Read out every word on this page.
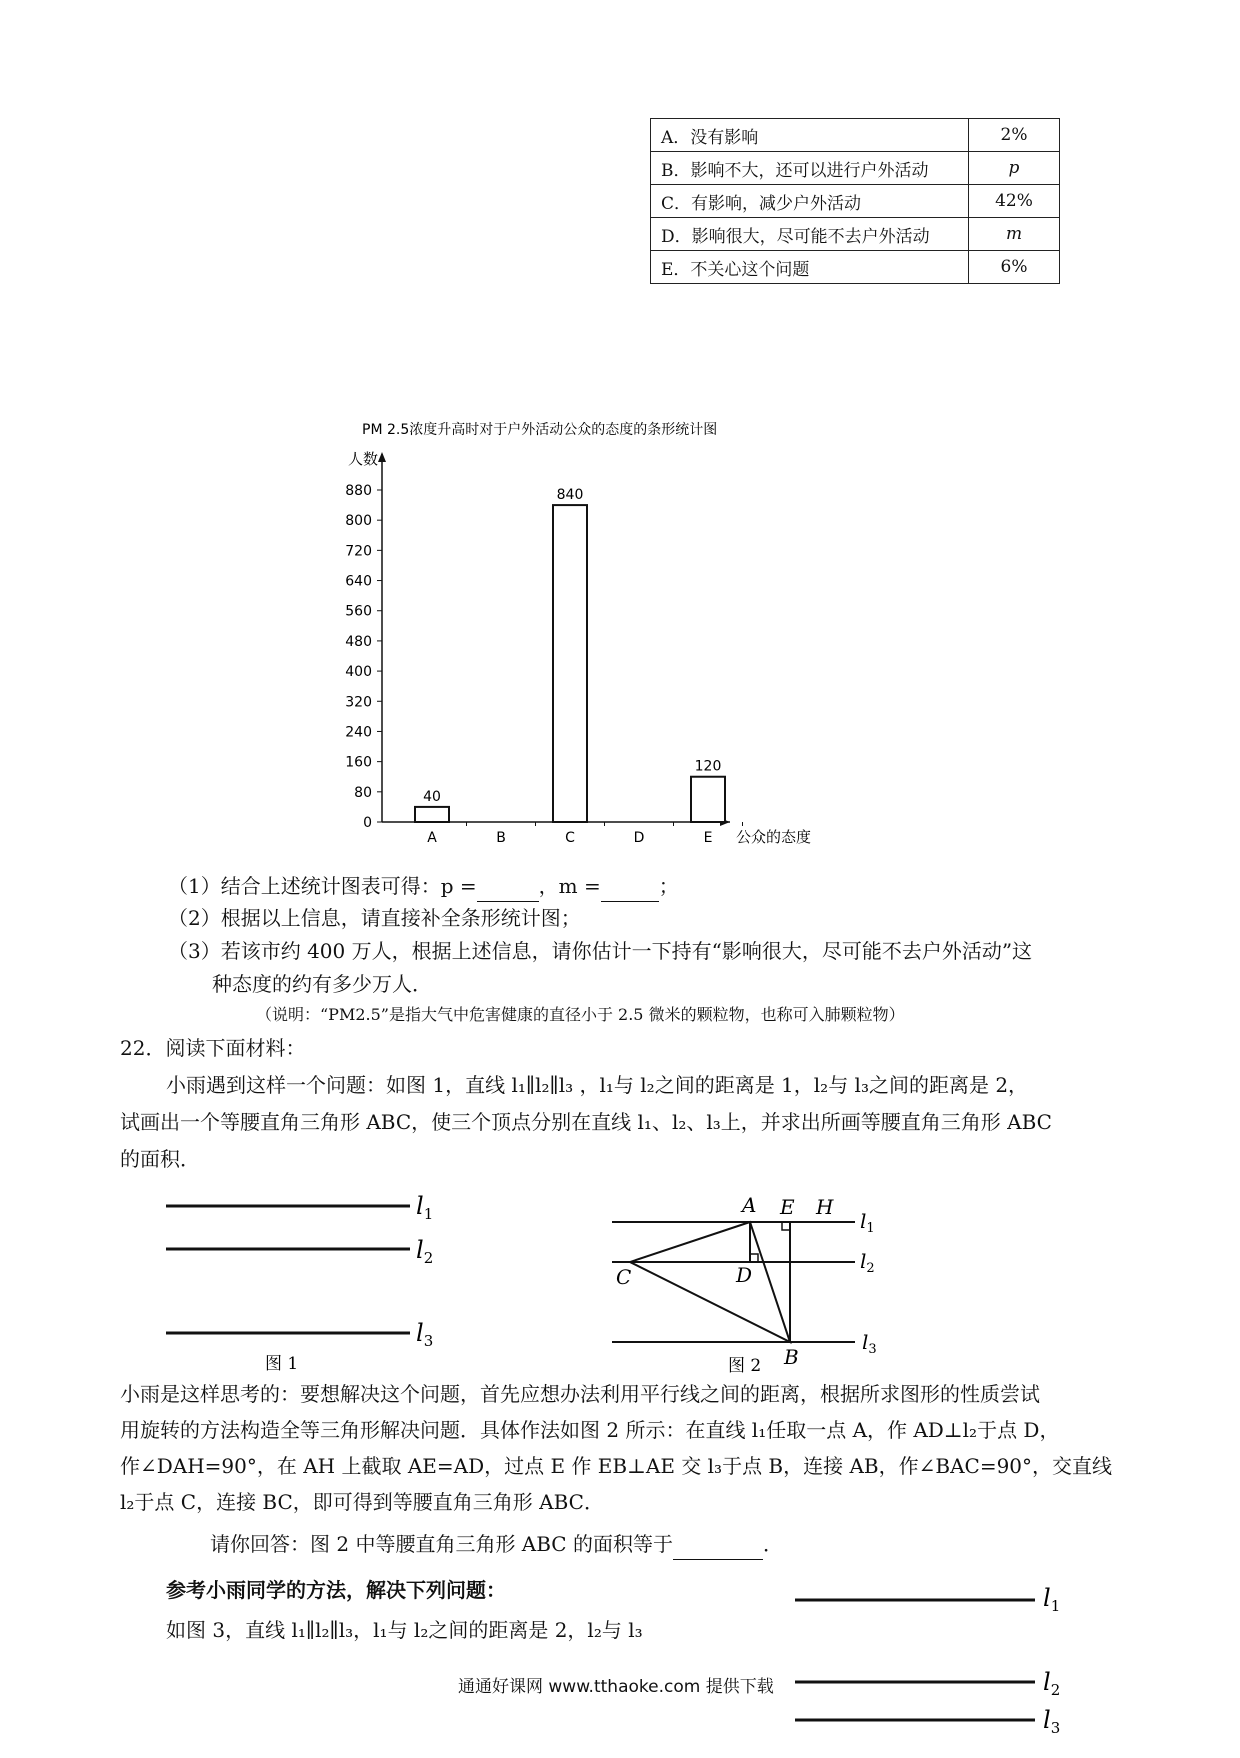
A．没有影响	2%
B．影响不大，还可以进行户外活动	p
C．有影响，减少户外活动	42%
D．影响很大，尽可能不去户外活动	m
E．不关心这个问题	6%
PM 2.5浓度升高时对于户外活动公众的态度的条形统计图
人数
公众的态度
0
80
160
240
320
400
480
560
640
720
800
880
A
40
B	C
840
D	E
120
（1）结合上述统计图表可得：p =	，m =	；
（2）根据以上信息，请直接补全条形统计图；
（3）若该市约 400 万人，根据上述信息，请你估计一下持有“影响很大，尽可能不去户外活动”这
种态度的约有多少万人．
（说明：“PM2.5”是指大气中危害健康的直径小于 2.5 微米的颗粒物，也称可入肺颗粒物）
22．阅读下面材料：
小雨遇到这样一个问题：如图 1，直线 l₁∥l₂∥l₃ ，l₁与 l₂之间的距离是 1，l₂与 l₃之间的距离是 2，
试画出一个等腰直角三角形 ABC，使三个顶点分别在直线 l₁、l₂、l₃上，并求出所画等腰直角三角形 ABC
的面积．
$l_1$
$l_2$
$l_3$
图 1
A E H
C	D
B
$l_1$
$l_2$
$l_3$
图 2
小雨是这样思考的：要想解决这个问题，首先应想办法利用平行线之间的距离，根据所求图形的性质尝试
用旋转的方法构造全等三角形解决问题．具体作法如图 2 所示：在直线 l₁任取一点 A，作 AD⊥l₂于点 D，
作∠DAH=90°，在 AH 上截取 AE=AD，过点 E 作 EB⊥AE 交 l₃于点 B，连接 AB，作∠BAC=90°，交直线
l₂于点 C，连接 BC，即可得到等腰直角三角形 ABC．
请你回答：图 2 中等腰直角三角形 ABC 的面积等于	．
参考小雨同学的方法，解决下列问题：
如图 3，直线 l₁∥l₂∥l₃，l₁与 l₂之间的距离是 2，l₂与 l₃
$l_1$
$l_2$
$l_3$
通通好课网 www.tthaoke.com 提供下载
